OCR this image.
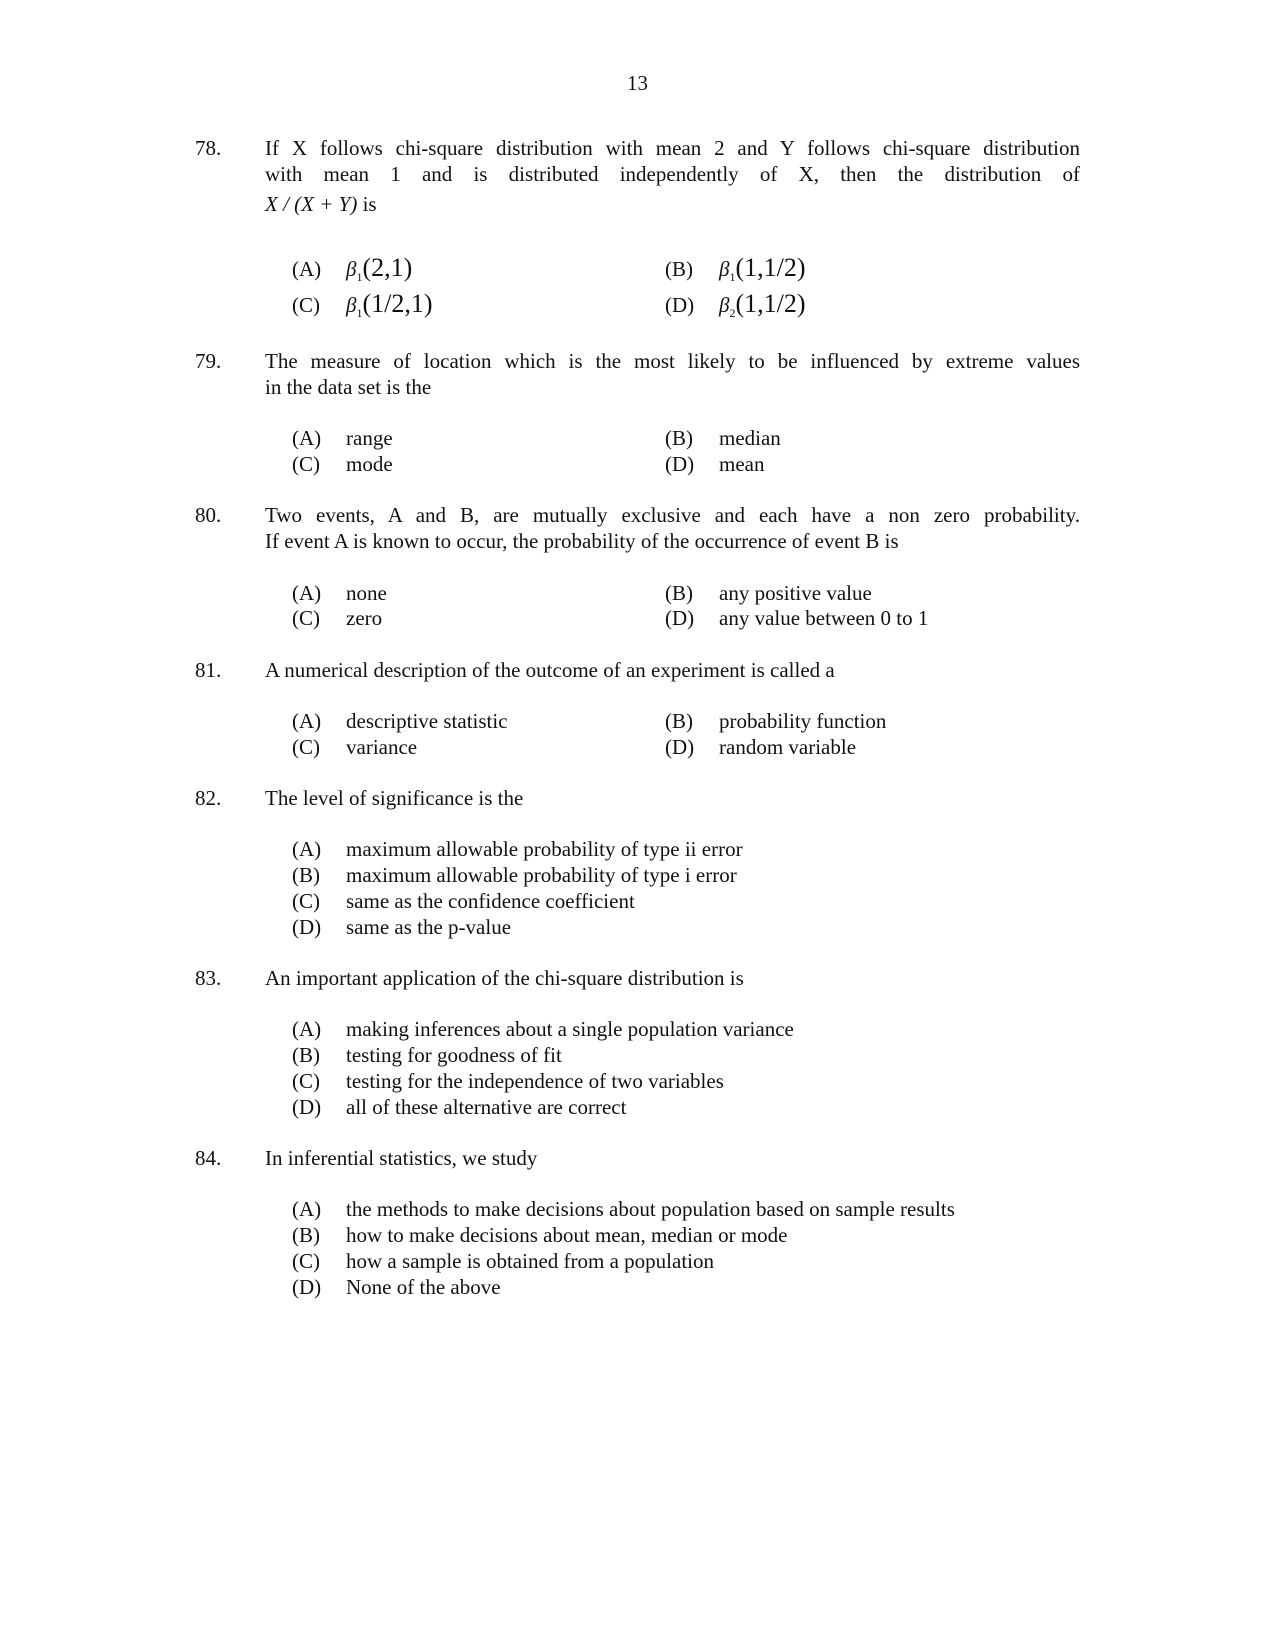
13
78. If X follows chi-square distribution with mean 2 and Y follows chi-square distribution
with mean 1 and is distributed independently of X, then the distribution of
X / (X + Y) is
(A) $\beta_1(2,1)$	(B) $\beta_1(1,1/2)$
(C) $\beta_1(1/2,1)$	(D) $\beta_2(1,1/2)$
79. The measure of location which is the most likely to be influenced by extreme values
in the data set is the
(A) range	(B) median
(C) mode	(D) mean
80. Two events, A and B, are mutually exclusive and each have a non zero probability.
If event A is known to occur, the probability of the occurrence of event B is
(A) none	(B) any positive value
(C) zero	(D) any value between 0 to 1
81. A numerical description of the outcome of an experiment is called a
(A) descriptive statistic	(B) probability function
(C) variance	(D) random variable
82. The level of significance is the
(A) maximum allowable probability of type ii error
(B) maximum allowable probability of type i error
(C) same as the confidence coefficient
(D) same as the p-value
83. An important application of the chi-square distribution is
(A) making inferences about a single population variance
(B) testing for goodness of fit
(C) testing for the independence of two variables
(D) all of these alternative are correct
84. In inferential statistics, we study
(A) the methods to make decisions about population based on sample results
(B) how to make decisions about mean, median or mode
(C) how a sample is obtained from a population
(D) None of the above
